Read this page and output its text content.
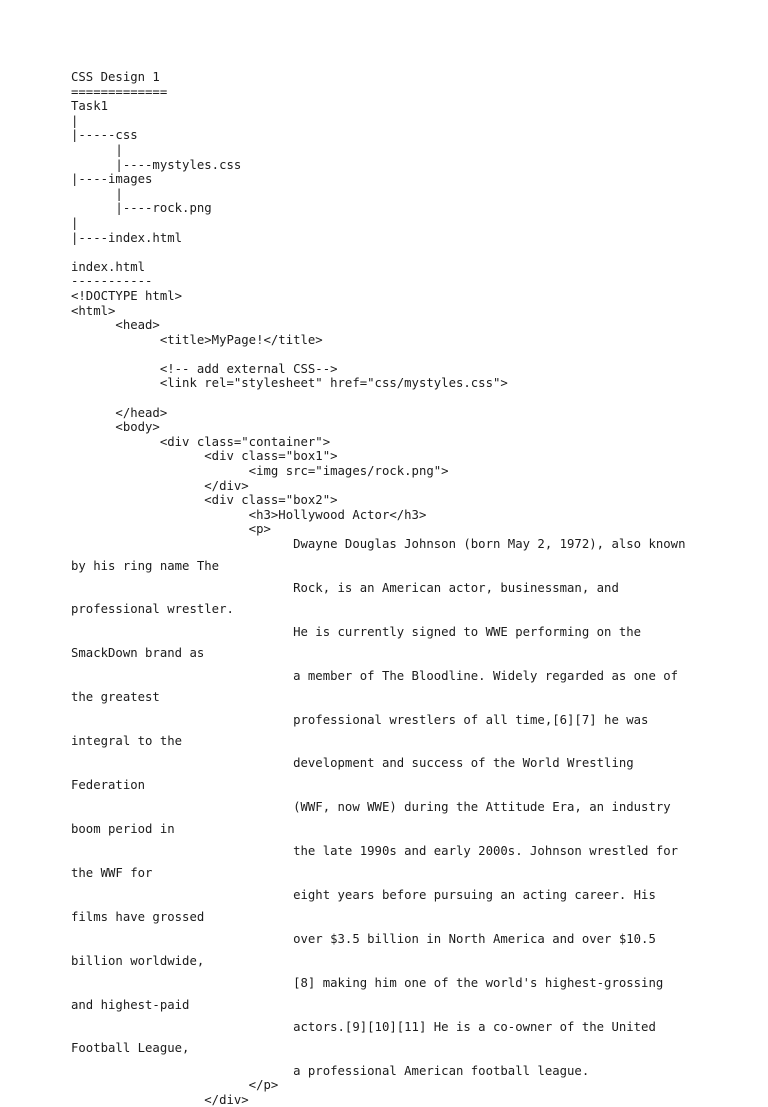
CSS Design 1
=============
Task1
|
|-----css
|
|----mystyles.css
|----images
|
|----rock.png
|
|----index.html
index.html
-----------
<!DOCTYPE html>
<html>
<head>
<title>MyPage!</title>
<!-- add external CSS-->
<link rel="stylesheet" href="css/mystyles.css">
</head>
<body>
<div class="container">
<div class="box1">
<img src="images/rock.png">
</div>
<div class="box2">
<h3>Hollywood Actor</h3>
<p>
Dwayne Douglas Johnson (born May 2, 1972), also known
by his ring name The
Rock, is an American actor, businessman, and
professional wrestler.
He is currently signed to WWE performing on the
SmackDown brand as
a member of The Bloodline. Widely regarded as one of
the greatest
professional wrestlers of all time,[6][7] he was
integral to the
development and success of the World Wrestling
Federation
(WWF, now WWE) during the Attitude Era, an industry
boom period in
the late 1990s and early 2000s. Johnson wrestled for
the WWF for
eight years before pursuing an acting career. His
films have grossed
over $3.5 billion in North America and over $10.5
billion worldwide,
[8] making him one of the world's highest-grossing
and highest-paid
actors.[9][10][11] He is a co-owner of the United
Football League,
a professional American football league.
</p>
</div>
